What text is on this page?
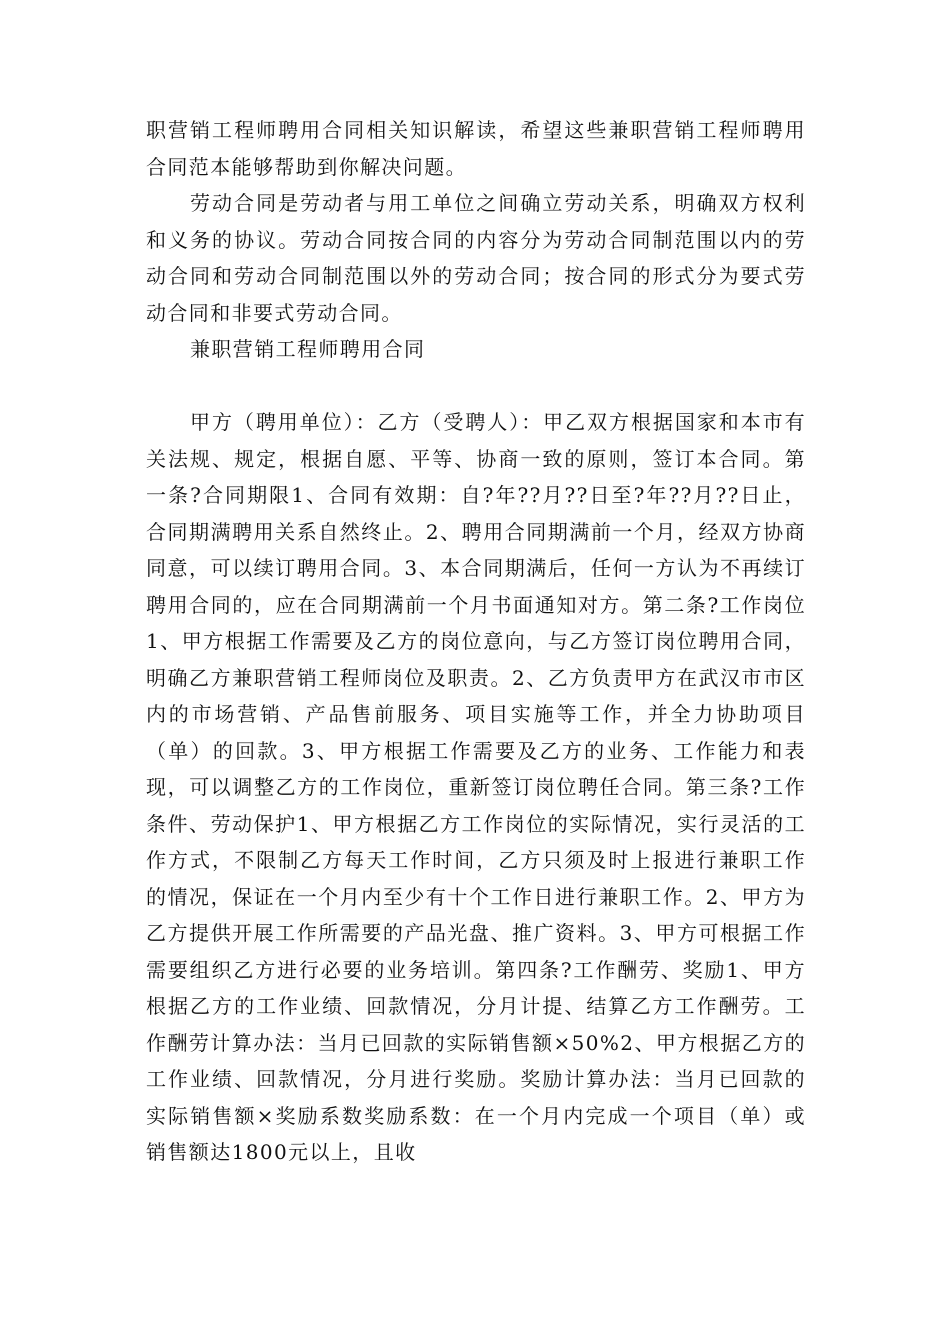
职营销工程师聘用合同相关知识解读，希望这些兼职营销工程师聘用合同范本能够帮助到你解决问题。

劳动合同是劳动者与用工单位之间确立劳动关系，明确双方权利和义务的协议。劳动合同按合同的内容分为劳动合同制范围以内的劳动合同和劳动合同制范围以外的劳动合同；按合同的形式分为要式劳动合同和非要式劳动合同。

兼职营销工程师聘用合同

甲方（聘用单位）：乙方（受聘人）：甲乙双方根据国家和本市有关法规、规定，根据自愿、平等、协商一致的原则，签订本合同。第一条?合同期限1、合同有效期：自?年??月??日至?年??月??日止，合同期满聘用关系自然终止。2、聘用合同期满前一个月，经双方协商同意，可以续订聘用合同。3、本合同期满后，任何一方认为不再续订聘用合同的，应在合同期满前一个月书面通知对方。第二条?工作岗位1、甲方根据工作需要及乙方的岗位意向，与乙方签订岗位聘用合同，明确乙方兼职营销工程师岗位及职责。2、乙方负责甲方在武汉市市区内的市场营销、产品售前服务、项目实施等工作，并全力协助项目（单）的回款。3、甲方根据工作需要及乙方的业务、工作能力和表现，可以调整乙方的工作岗位，重新签订岗位聘任合同。第三条?工作条件、劳动保护1、甲方根据乙方工作岗位的实际情况，实行灵活的工作方式，不限制乙方每天工作时间，乙方只须及时上报进行兼职工作的情况，保证在一个月内至少有十个工作日进行兼职工作。2、甲方为乙方提供开展工作所需要的产品光盘、推广资料。3、甲方可根据工作需要组织乙方进行必要的业务培训。第四条?工作酬劳、奖励1、甲方根据乙方的工作业绩、回款情况，分月计提、结算乙方工作酬劳。工作酬劳计算办法：当月已回款的实际销售额×50%2、甲方根据乙方的工作业绩、回款情况，分月进行奖励。奖励计算办法：当月已回款的实际销售额×奖励系数奖励系数：在一个月内完成一个项目（单）或销售额达1800元以上，且收
